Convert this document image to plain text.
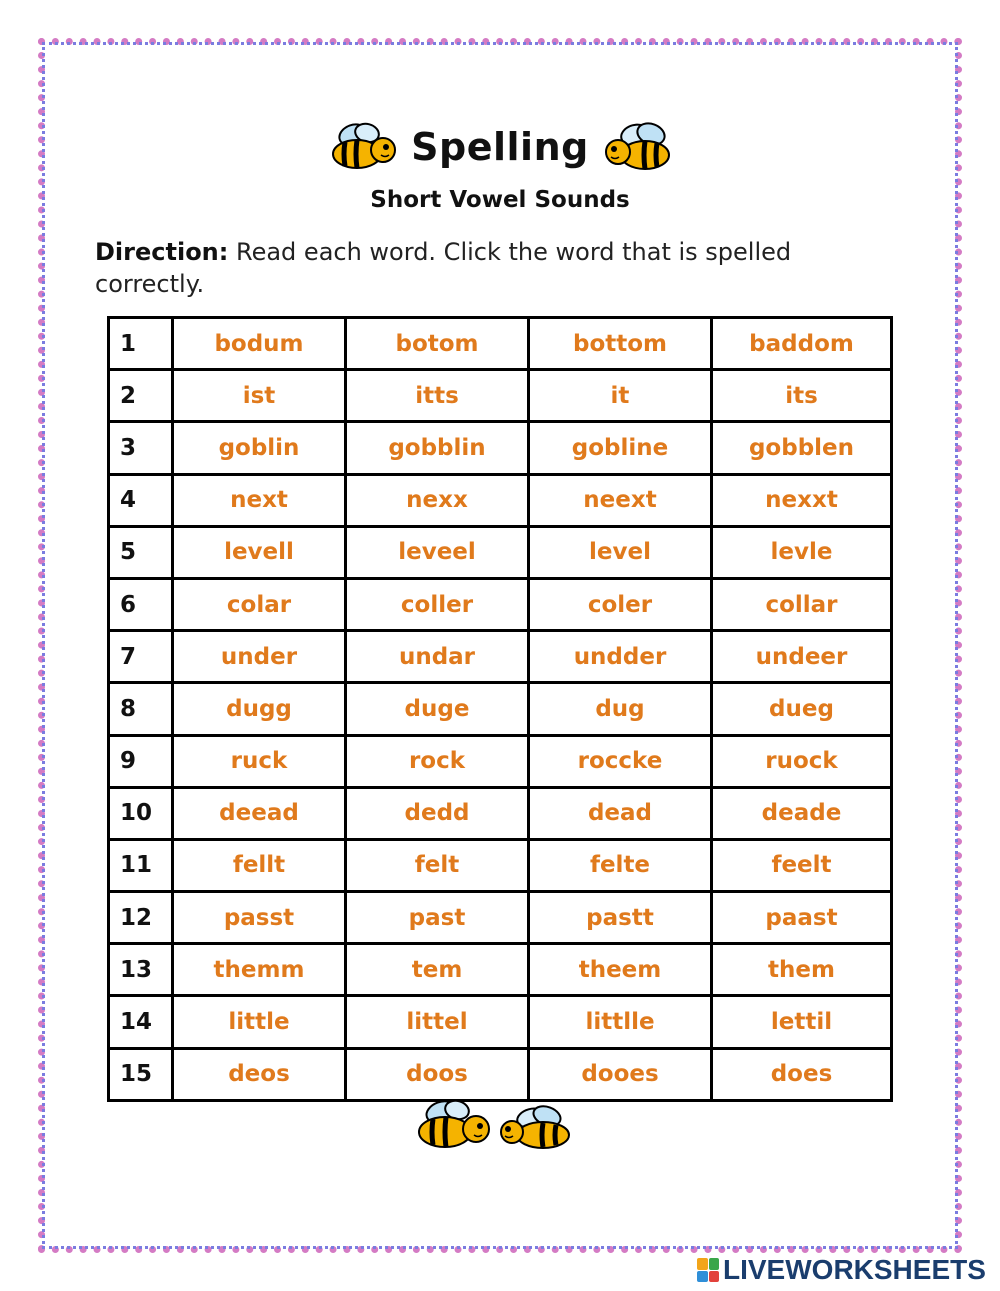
Spelling
Short Vowel Sounds
Direction: Read each word. Click the word that is spelled correctly.
1	bodum	botom	bottom	baddom
2	ist	itts	it	its
3	goblin	gobblin	gobline	gobblen
4	next	nexx	neext	nexxt
5	levell	leveel	level	levle
6	colar	coller	coler	collar
7	under	undar	undder	undeer
8	dugg	duge	dug	dueg
9	ruck	rock	roccke	ruock
10	deead	dedd	dead	deade
11	fellt	felt	felte	feelt
12	passt	past	pastt	paast
13	themm	tem	theem	them
14	little	littel	littlle	lettil
15	deos	doos	dooes	does
LIVEWORKSHEETS
